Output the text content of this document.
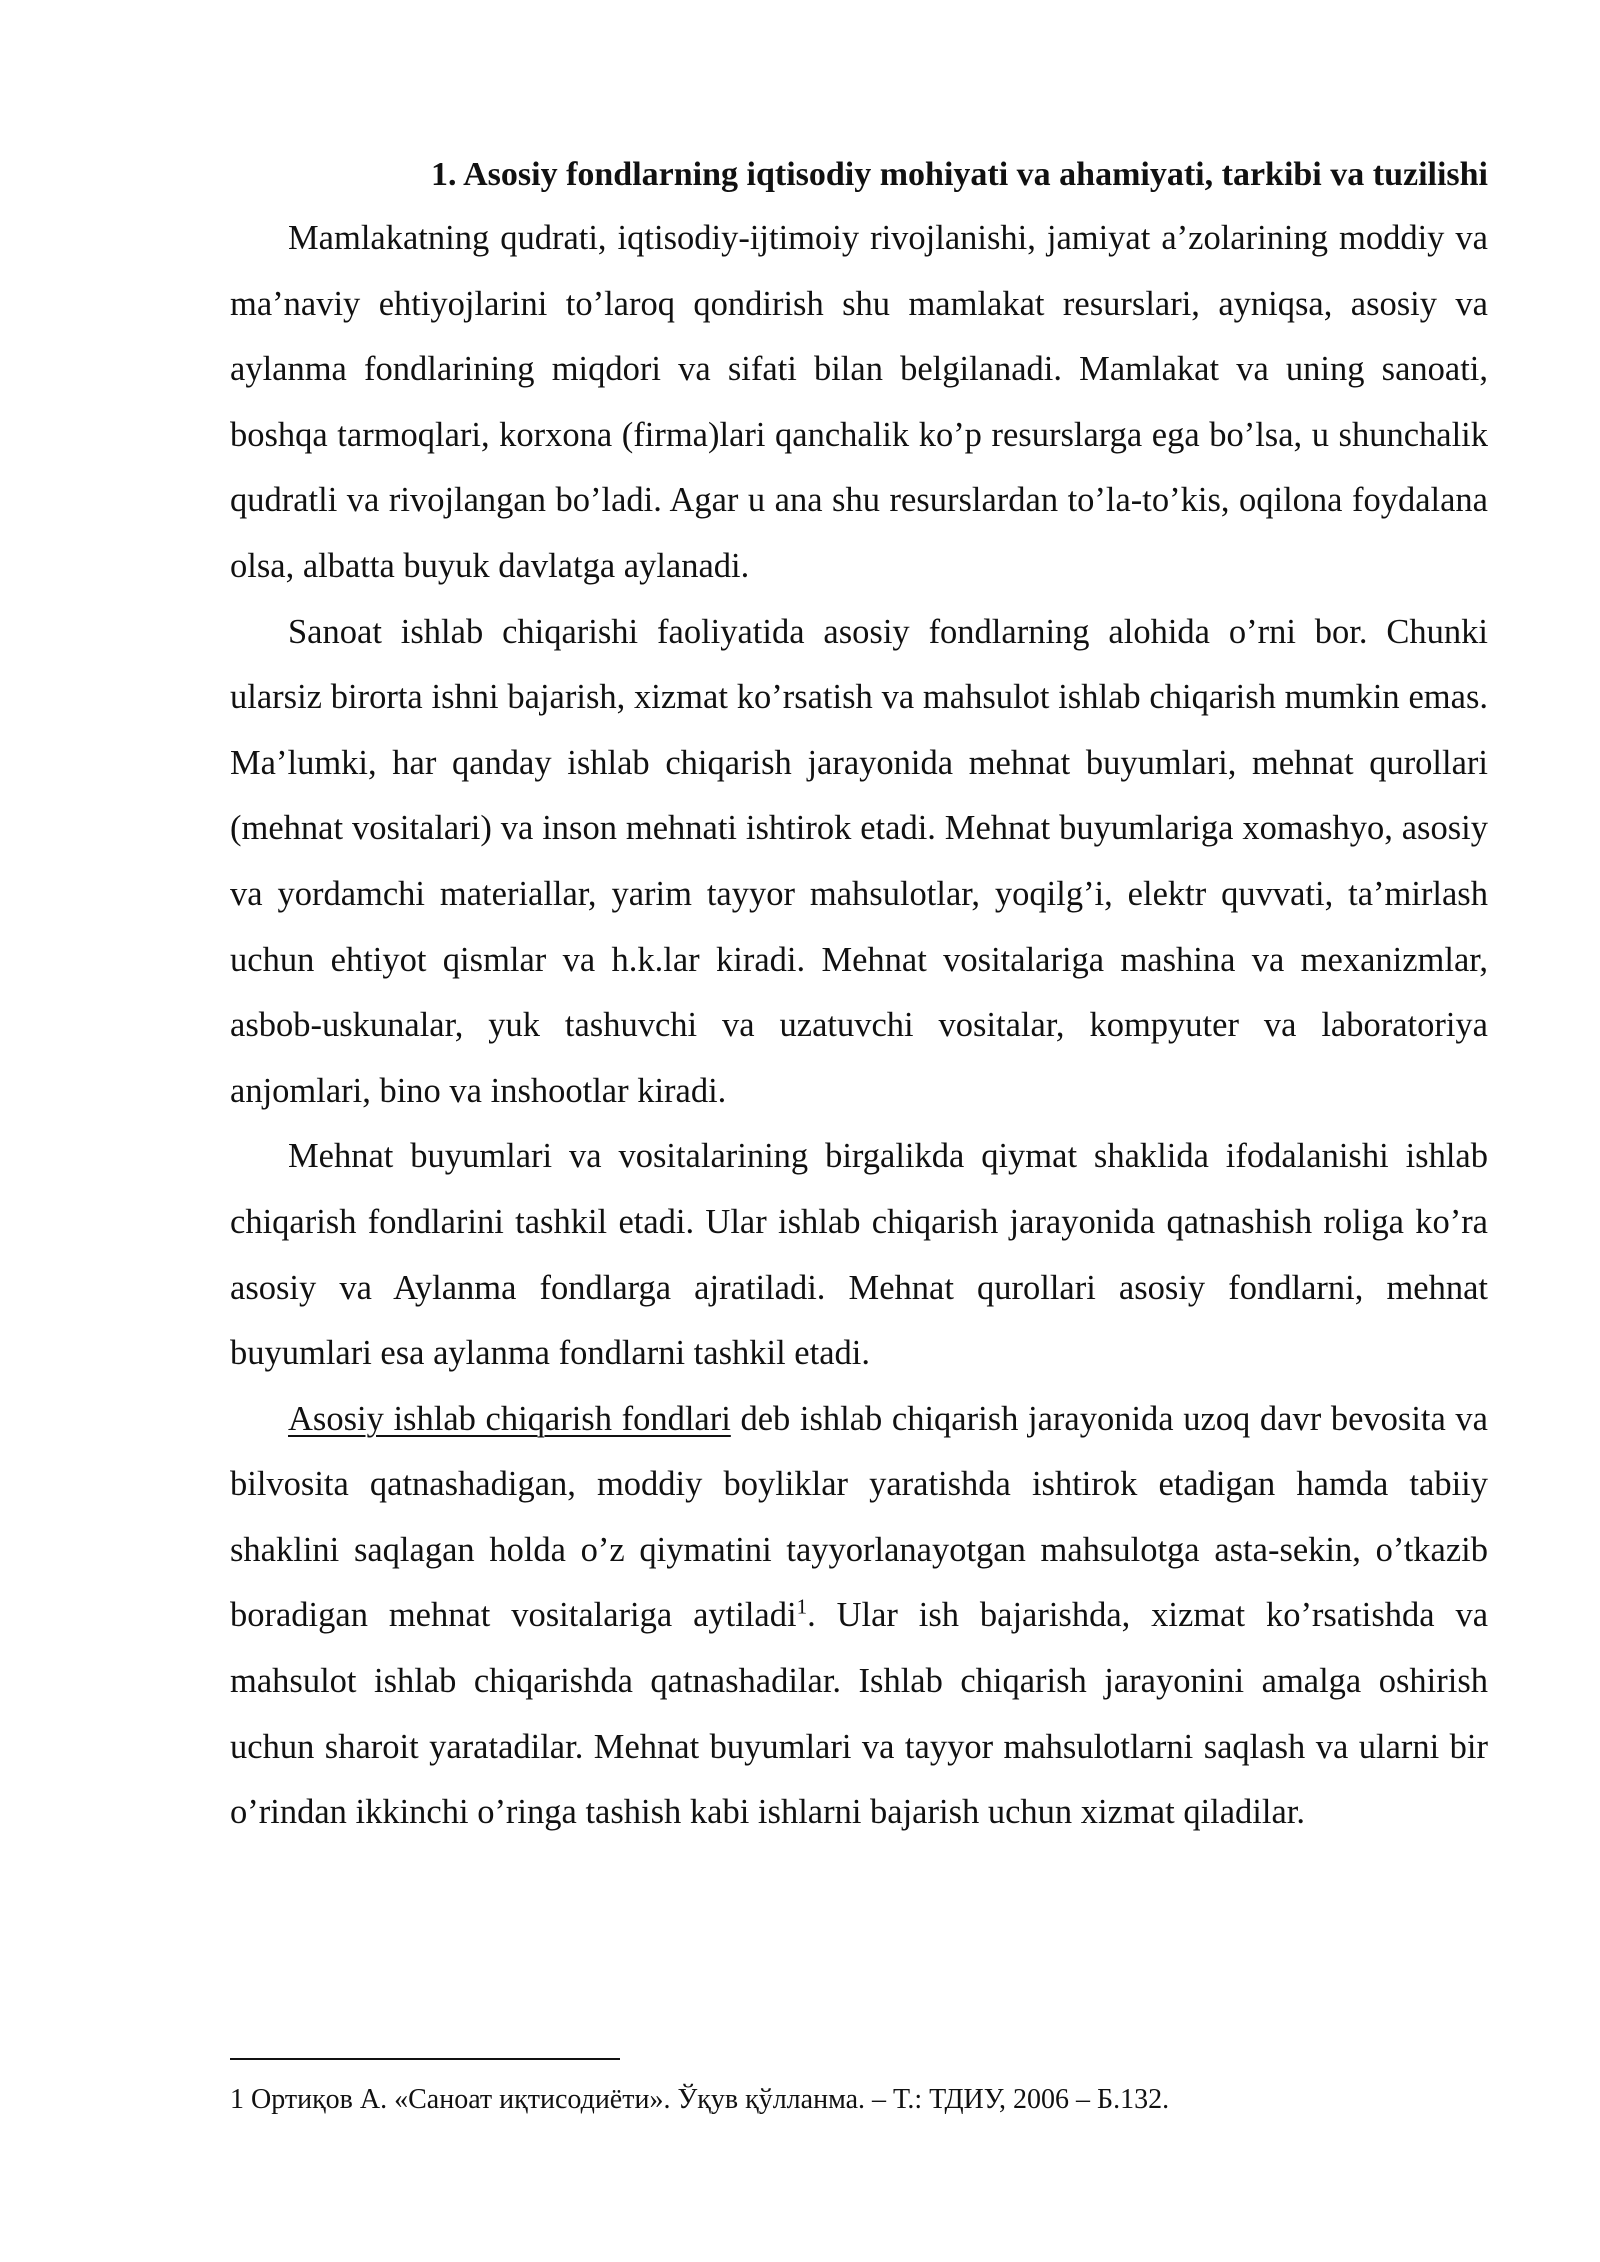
1. Asosiy fondlarning iqtisodiy mohiyati va ahamiyati, tarkibi va tuzilishi

Mamlakatning qudrati, iqtisodiy-ijtimoiy rivojlanishi, jamiyat a’zolarining moddiy va ma’naviy ehtiyojlarini to’laroq qondirish shu mamlakat resurslari, ayniqsa, asosiy va aylanma fondlarining miqdori va sifati bilan belgilanadi. Mamlakat va uning sanoati, boshqa tarmoqlari, korxona (firma)lari qanchalik ko’p resurslarga ega bo’lsa, u shunchalik qudratli va rivojlangan bo’ladi. Agar u ana shu resurslardan to’la-to’kis, oqilona foydalana olsa, albatta buyuk davlatga aylanadi.

Sanoat ishlab chiqarishi faoliyatida asosiy fondlarning alohida o’rni bor. Chunki ularsiz birorta ishni bajarish, xizmat ko’rsatish va mahsulot ishlab chiqarish mumkin emas. Ma’lumki, har qanday ishlab chiqarish jarayonida mehnat buyumlari, mehnat qurollari (mehnat vositalari) va inson mehnati ishtirok etadi. Mehnat buyumlariga xomashyo, asosiy va yordamchi materiallar, yarim tayyor mahsulotlar, yoqilg’i, elektr quvvati, ta’mirlash uchun ehtiyot qismlar va h.k.lar kiradi. Mehnat vositalariga mashina va mexanizmlar, asbob-uskunalar, yuk tashuvchi va uzatuvchi vositalar, kompyuter va laboratoriya anjomlari, bino va inshootlar kiradi.

Mehnat buyumlari va vositalarining birgalikda qiymat shaklida ifodalanishi ishlab chiqarish fondlarini tashkil etadi. Ular ishlab chiqarish jarayonida qatnashish roliga ko’ra asosiy va Aylanma fondlarga ajratiladi. Mehnat qurollari asosiy fondlarni, mehnat buyumlari esa aylanma fondlarni tashkil etadi.

Asosiy ishlab chiqarish fondlari deb ishlab chiqarish jarayonida uzoq davr bevosita va bilvosita qatnashadigan, moddiy boyliklar yaratishda ishtirok etadigan hamda tabiiy shaklini saqlagan holda o’z qiymatini tayyorlanayotgan mahsulotga asta-sekin, o’tkazib boradigan mehnat vositalariga aytiladi$^1$. Ular ish bajarishda, xizmat ko’rsatishda va mahsulot ishlab chiqarishda qatnashadilar. Ishlab chiqarish jarayonini amalga oshirish uchun sharoit yaratadilar. Mehnat buyumlari va tayyor mahsulotlarni saqlash va ularni bir o’rindan ikkinchi o’ringa tashish kabi ishlarni bajarish uchun xizmat qiladilar.

1 Ортиқов А. «Саноат иқтисодиёти». Ўқув қўлланма. – Т.: ТДИУ, 2006 – Б.132.
